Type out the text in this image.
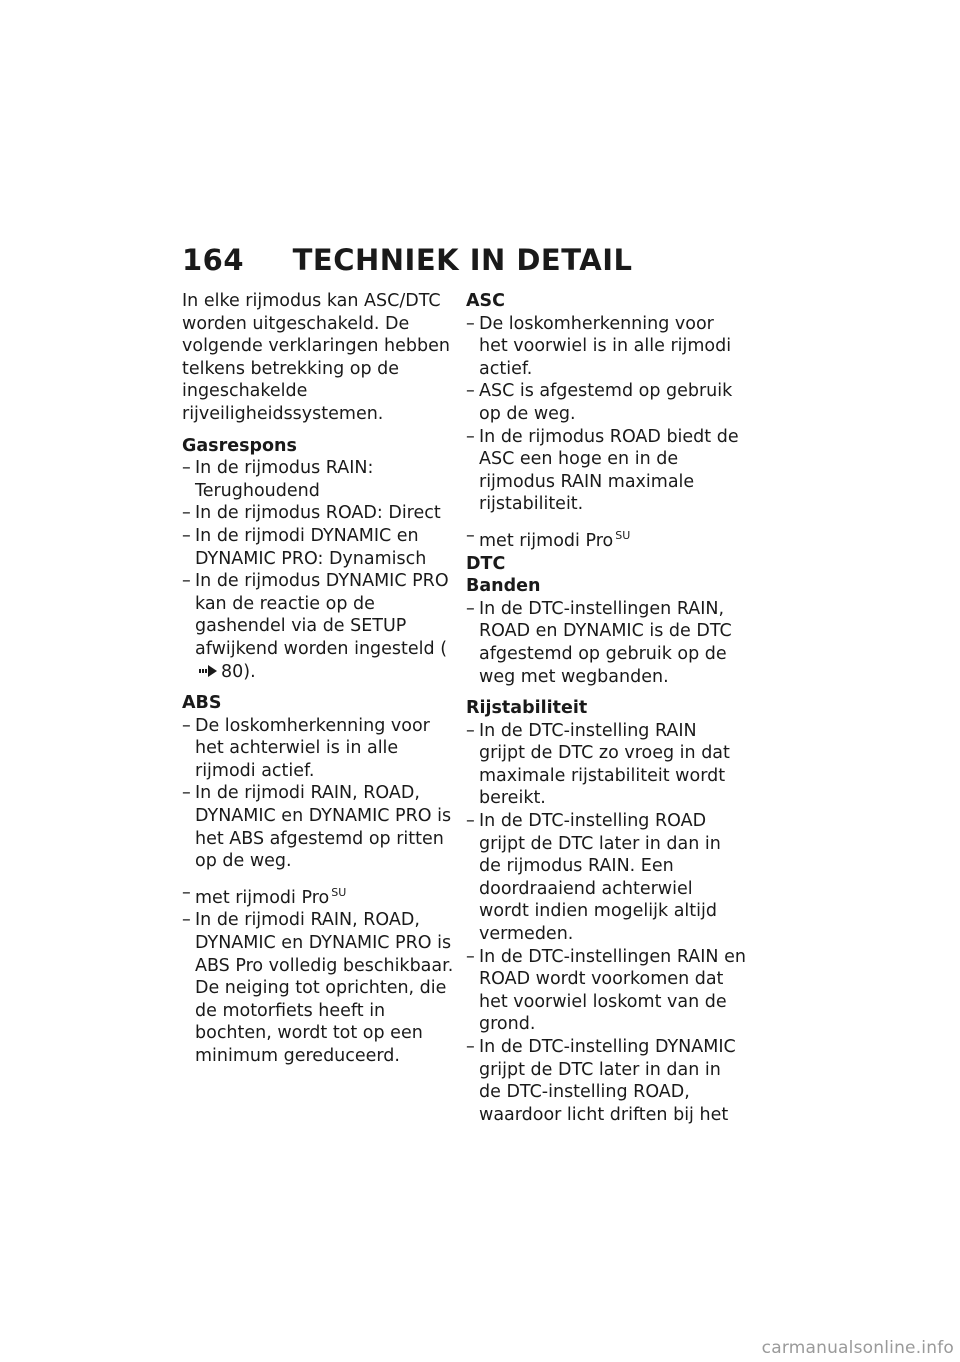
164 TECHNIEK IN DETAIL

In elke rijmodus kan ASC/DTC worden uitgeschakeld. De volgende verklaringen hebben telkens betrekking op de ingeschakelde rijveiligheidssystemen.

Gasrespons

– In de rijmodus RAIN: Terughoudend
– In de rijmodus ROAD: Direct
– In de rijmodi DYNAMIC en DYNAMIC PRO: Dynamisch
– In de rijmodus DYNAMIC PRO kan de reactie op de gashendel via de SETUP afwijkend worden ingesteld (80).

ABS

– De loskomherkenning voor het achterwiel is in alle rijmodi actief.
– In de rijmodi RAIN, ROAD, DYNAMIC en DYNAMIC PRO is het ABS afgestemd op ritten op de weg.

– met rijmodi Pro $^{SU}$

– In de rijmodi RAIN, ROAD, DYNAMIC en DYNAMIC PRO is ABS Pro volledig beschikbaar. De neiging tot oprichten, die de motorfiets heeft in bochten, wordt tot op een minimum gereduceerd.

ASC

– De loskomherkenning voor het voorwiel is in alle rijmodi actief.
– ASC is afgestemd op gebruik op de weg.
– In de rijmodus ROAD biedt de ASC een hoge en in de rijmodus RAIN maximale rijstabiliteit.

– met rijmodi Pro $^{SU}$

DTC

Banden

– In de DTC-instellingen RAIN, ROAD en DYNAMIC is de DTC afgestemd op gebruik op de weg met wegbanden.

Rijstabiliteit

– In de DTC-instelling RAIN grijpt de DTC zo vroeg in dat maximale rijstabiliteit wordt bereikt.
– In de DTC-instelling ROAD grijpt de DTC later in dan in de rijmodus RAIN. Een doordraaiend achterwiel wordt indien mogelijk altijd vermeden.
– In de DTC-instellingen RAIN en ROAD wordt voorkomen dat het voorwiel loskomt van de grond.
– In de DTC-instelling DYNAMIC grijpt de DTC later in dan in de DTC-instelling ROAD, waardoor licht driften bij het
carmanualsonline.info
